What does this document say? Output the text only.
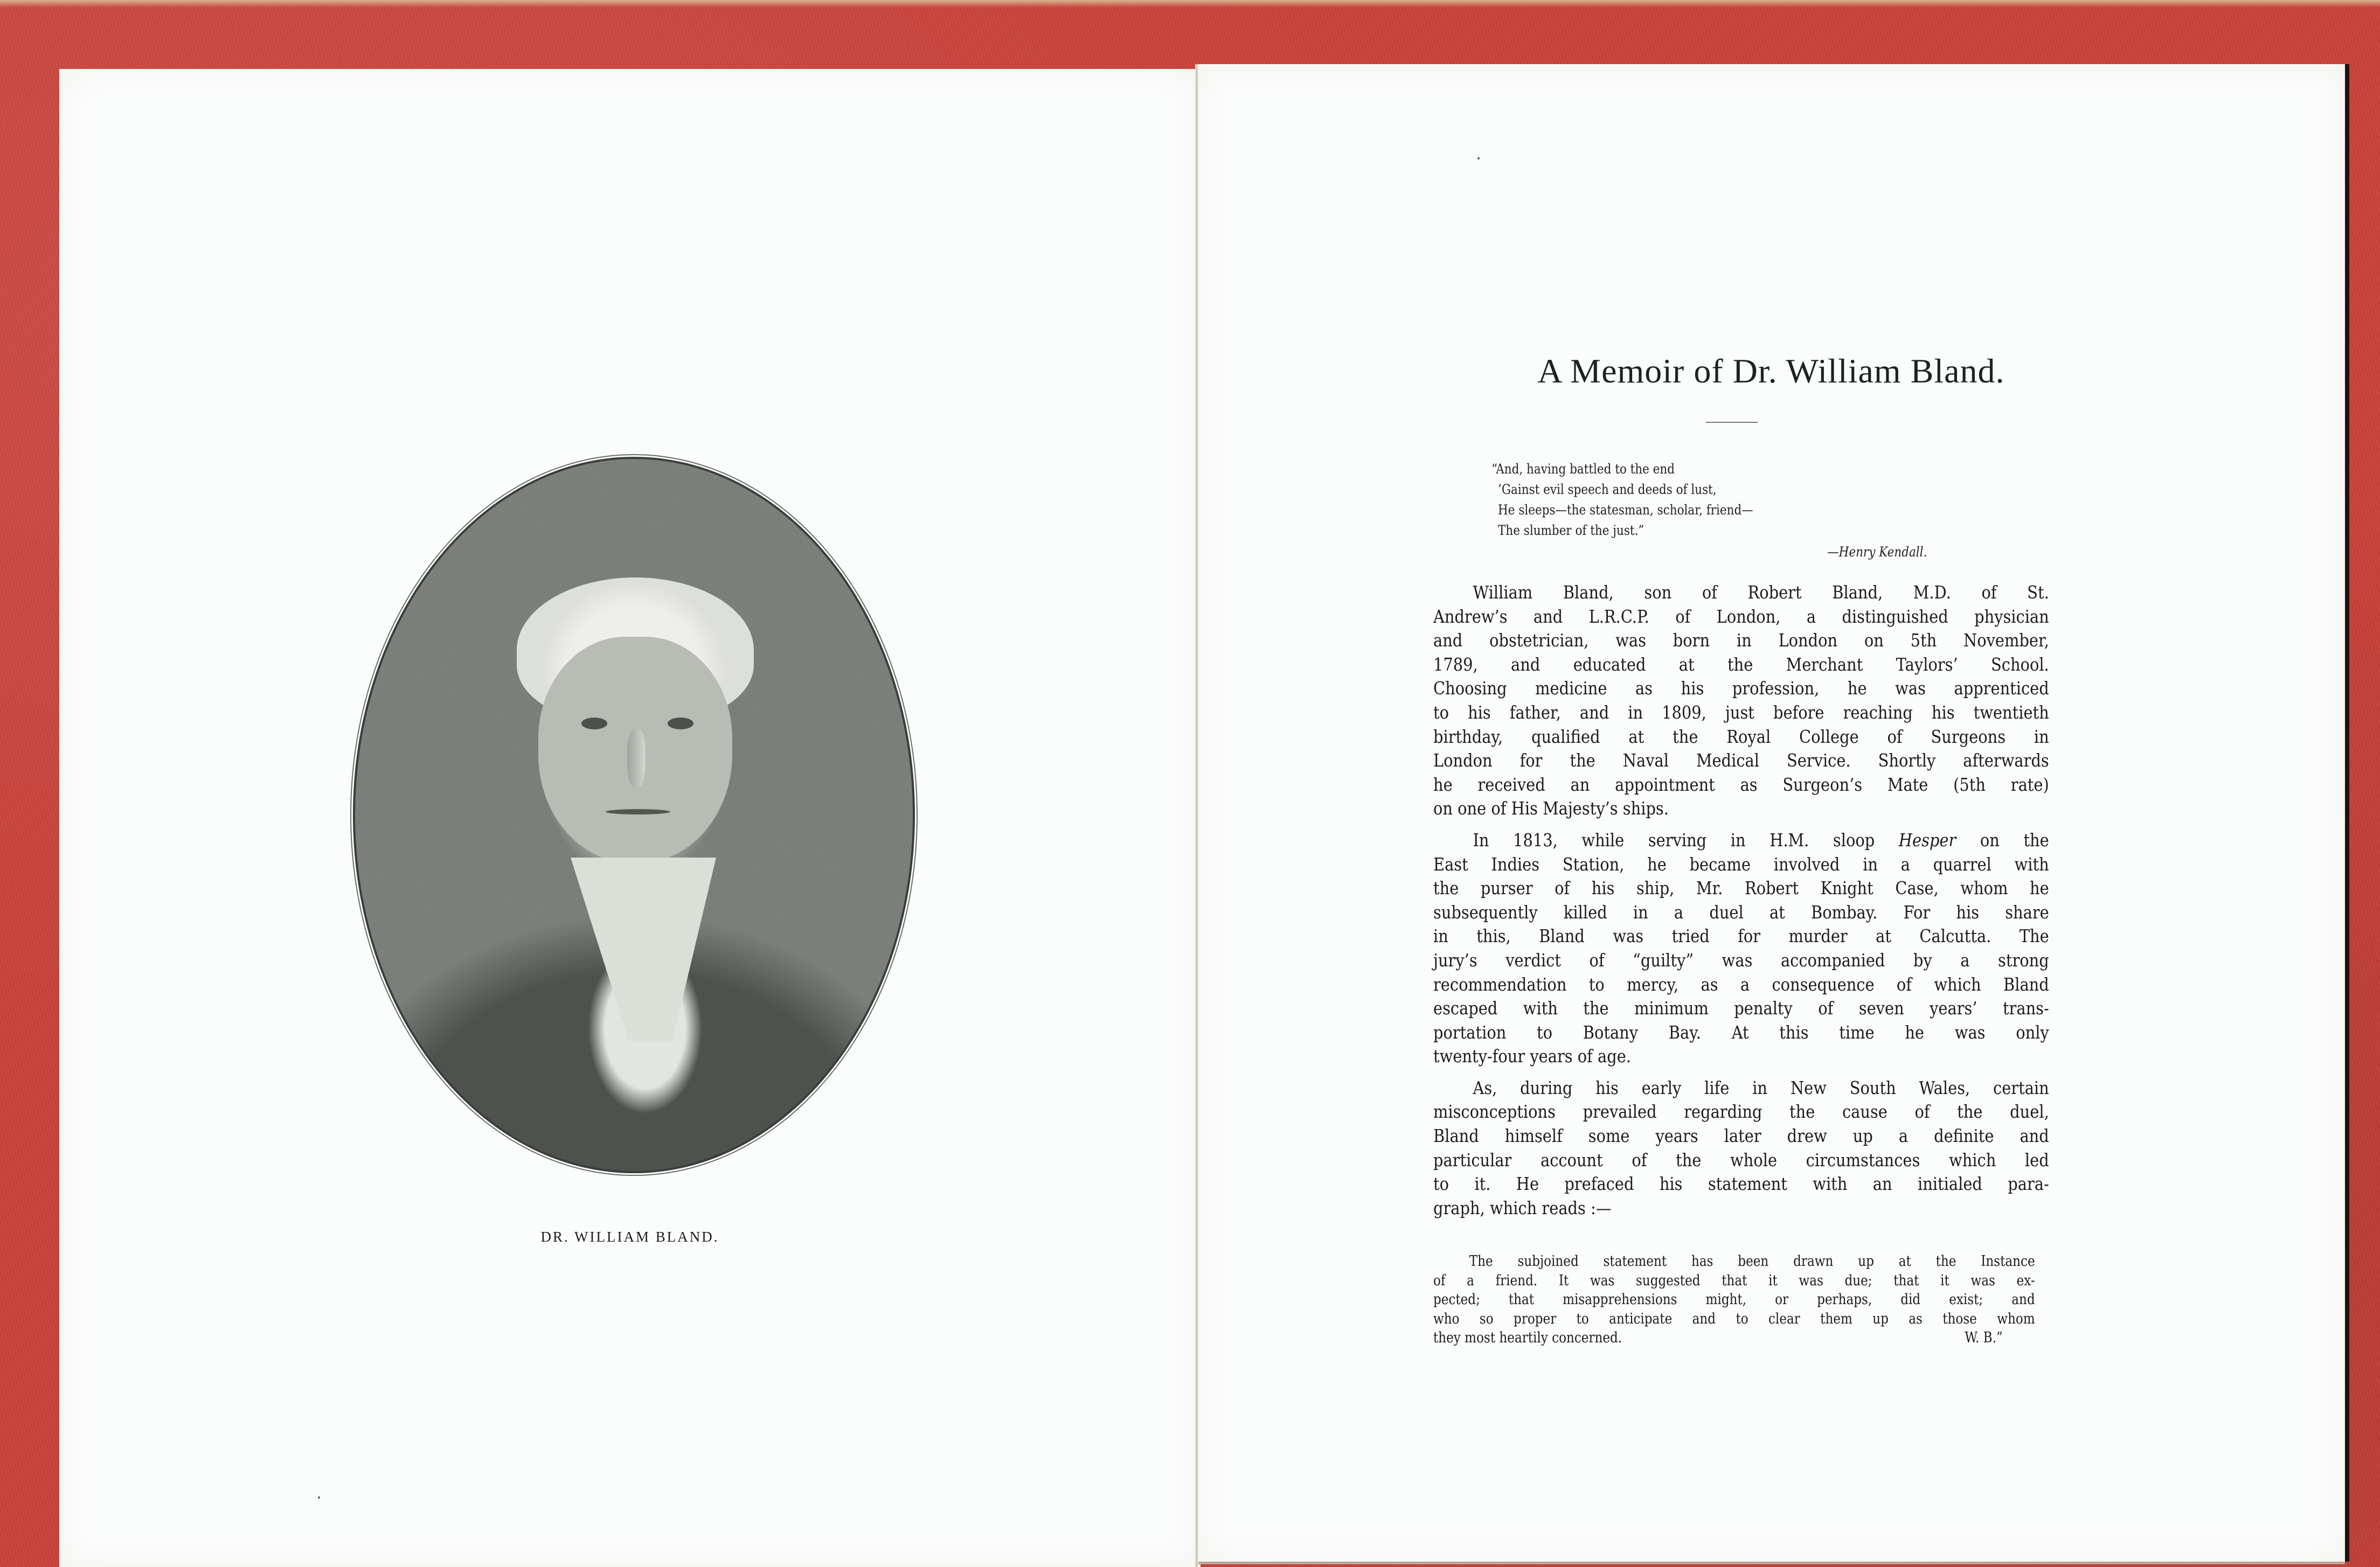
DR. WILLIAM BLAND.
A Memoir of Dr. William Bland.
“And, having battled to the end
’Gainst evil speech and deeds of lust,
He sleeps—the statesman, scholar, friend—
The slumber of the just.”
—Henry Kendall.
William Bland, son of Robert Bland, M.D. of St.
Andrew’s and L.R.C.P. of London, a distinguished physician
and obstetrician, was born in London on 5th November,
1789, and educated at the Merchant Taylors’ School.
Choosing medicine as his profession, he was apprenticed
to his father, and in 1809, just before reaching his twentieth
birthday, qualified at the Royal College of Surgeons in
London for the Naval Medical Service. Shortly afterwards
he received an appointment as Surgeon’s Mate (5th rate)
on one of His Majesty’s ships.
In 1813, while serving in H.M. sloop Hesper on the
East Indies Station, he became involved in a quarrel with
the purser of his ship, Mr. Robert Knight Case, whom he
subsequently killed in a duel at Bombay. For his share
in this, Bland was tried for murder at Calcutta. The
jury’s verdict of “guilty” was accompanied by a strong
recommendation to mercy, as a consequence of which Bland
escaped with the minimum penalty of seven years’ trans-
portation to Botany Bay. At this time he was only
twenty-four years of age.
As, during his early life in New South Wales, certain
misconceptions prevailed regarding the cause of the duel,
Bland himself some years later drew up a definite and
particular account of the whole circumstances which led
to it. He prefaced his statement with an initialed para-
graph, which reads :—
The subjoined statement has been drawn up at the Instance
of a friend. It was suggested that it was due; that it was ex-
pected; that misapprehensions might, or perhaps, did exist; and
who so proper to anticipate and to clear them up as those whom
they most heartily concerned.	W. B.”
